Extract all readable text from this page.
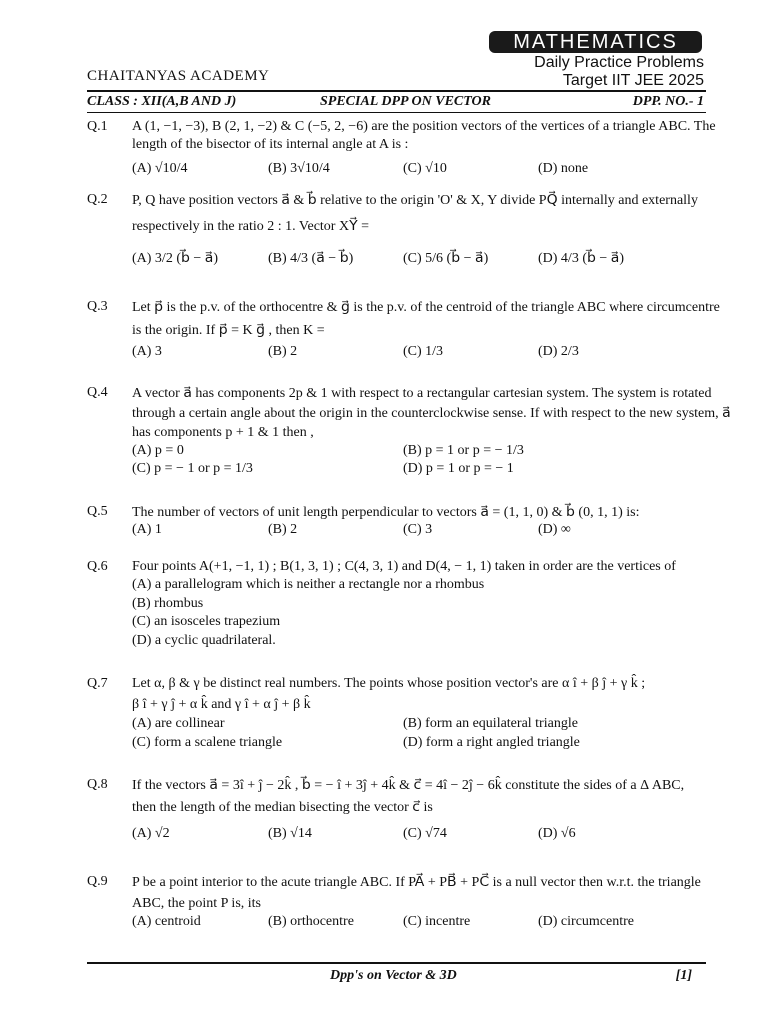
MATHEMATICS
Daily Practice Problems
Target IIT JEE 2025
CHAITANYAS ACADEMY
CLASS : XII(A,B AND J)	SPECIAL DPP ON VECTOR	DPP. NO.- 1
Q.1 A (1, −1, −3), B (2, 1, −2) & C (−5, 2, −6) are the position vectors of the vertices of a triangle ABC. The
length of the bisector of its internal angle at A is :
(A) √10/4	(B) 3√10/4	(C) √10	(D) none
Q.2 P, Q have position vectors a⃗ & b⃗ relative to the origin 'O' & X, Y divide PQ⃗ internally and externally
respectively in the ratio 2 : 1. Vector XY⃗ =
(A) 3/2 (b⃗ − a⃗)	(B) 4/3 (a⃗ − b⃗)	(C) 5/6 (b⃗ − a⃗)	(D) 4/3 (b⃗ − a⃗)
Q.3 Let p⃗ is the p.v. of the orthocentre & g⃗ is the p.v. of the centroid of the triangle ABC where circumcentre
is the origin. If p⃗ = K g⃗ , then K =
(A) 3	(B) 2	(C) 1/3	(D) 2/3
Q.4 A vector a⃗ has components 2p & 1 with respect to a rectangular cartesian system. The system is rotated
through a certain angle about the origin in the counterclockwise sense. If with respect to the new system, a⃗
has components p + 1 & 1 then ,
(A) p = 0	(B) p = 1 or p = − 1/3
(C) p = − 1 or p = 1/3	(D) p = 1 or p = − 1
Q.5 The number of vectors of unit length perpendicular to vectors a⃗ = (1, 1, 0) & b⃗ (0, 1, 1) is:
(A) 1	(B) 2	(C) 3	(D) ∞
Q.6 Four points A(+1, −1, 1) ; B(1, 3, 1) ; C(4, 3, 1) and D(4, − 1, 1) taken in order are the vertices of
(A) a parallelogram which is neither a rectangle nor a rhombus
(B) rhombus
(C) an isosceles trapezium
(D) a cyclic quadrilateral.
Q.7 Let α, β & γ be distinct real numbers. The points whose position vector's are α î + β ĵ + γ k̂ ;
β î + γ ĵ + α k̂ and γ î + α ĵ + β k̂
(A) are collinear	(B) form an equilateral triangle
(C) form a scalene triangle	(D) form a right angled triangle
Q.8 If the vectors a⃗ = 3î + ĵ − 2k̂ , b⃗ = − î + 3ĵ + 4k̂ & c⃗ = 4î − 2ĵ − 6k̂ constitute the sides of a Δ ABC,
then the length of the median bisecting the vector c⃗ is
(A) √2	(B) √14	(C) √74	(D) √6
Q.9 P be a point interior to the acute triangle ABC. If PA⃗ + PB⃗ + PC⃗ is a null vector then w.r.t. the triangle
ABC, the point P is, its
(A) centroid	(B) orthocentre	(C) incentre	(D) circumcentre
Dpp's on Vector & 3D	[1]
